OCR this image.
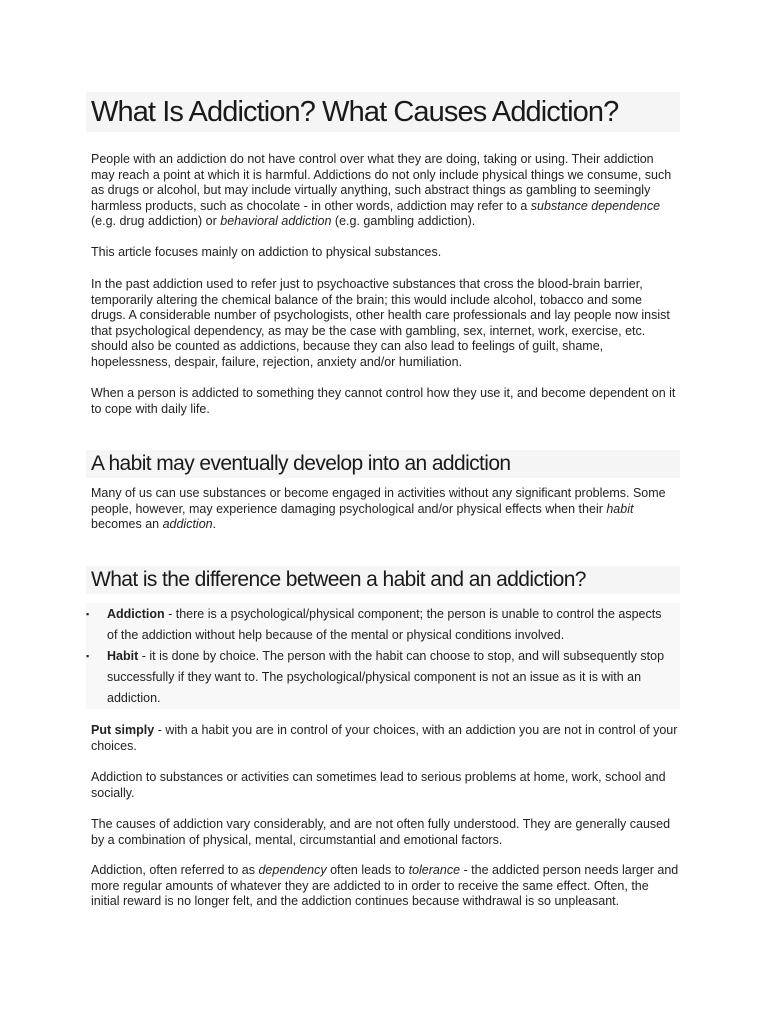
What Is Addiction? What Causes Addiction?

People with an addiction do not have control over what they are doing, taking or using. Their addiction may reach a point at which it is harmful. Addictions do not only include physical things we consume, such as drugs or alcohol, but may include virtually anything, such abstract things as gambling to seemingly harmless products, such as chocolate - in other words, addiction may refer to a substance dependence (e.g. drug addiction) or behavioral addiction (e.g. gambling addiction).

This article focuses mainly on addiction to physical substances.

In the past addiction used to refer just to psychoactive substances that cross the blood-brain barrier, temporarily altering the chemical balance of the brain; this would include alcohol, tobacco and some drugs. A considerable number of psychologists, other health care professionals and lay people now insist that psychological dependency, as may be the case with gambling, sex, internet, work, exercise, etc. should also be counted as addictions, because they can also lead to feelings of guilt, shame, hopelessness, despair, failure, rejection, anxiety and/or humiliation.

When a person is addicted to something they cannot control how they use it, and become dependent on it to cope with daily life.

A habit may eventually develop into an addiction

Many of us can use substances or become engaged in activities without any significant problems. Some people, however, may experience damaging psychological and/or physical effects when their habit becomes an addiction.

What is the difference between a habit and an addiction?
▪ Addiction - there is a psychological/physical component; the person is unable to control the aspects of the addiction without help because of the mental or physical conditions involved.
▪ Habit - it is done by choice. The person with the habit can choose to stop, and will subsequently stop successfully if they want to. The psychological/physical component is not an issue as it is with an addiction.

Put simply - with a habit you are in control of your choices, with an addiction you are not in control of your choices.

Addiction to substances or activities can sometimes lead to serious problems at home, work, school and socially.

The causes of addiction vary considerably, and are not often fully understood. They are generally caused by a combination of physical, mental, circumstantial and emotional factors.

Addiction, often referred to as dependency often leads to tolerance - the addicted person needs larger and more regular amounts of whatever they are addicted to in order to receive the same effect. Often, the initial reward is no longer felt, and the addiction continues because withdrawal is so unpleasant.
